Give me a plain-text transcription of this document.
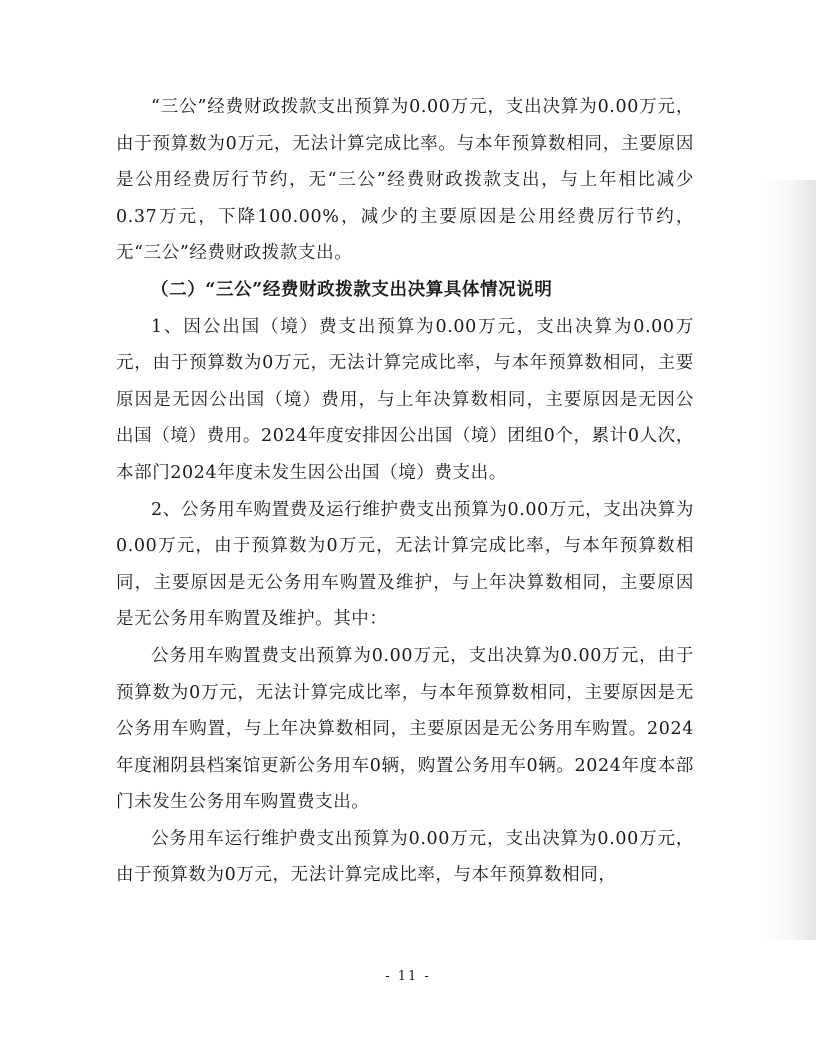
“三公”经费财政拨款支出预算为0.00万元，支出决算为0.00万元，由于预算数为0万元，无法计算完成比率。与本年预算数相同，主要原因是公用经费厉行节约，无“三公”经费财政拨款支出，与上年相比减少0.37万元，下降100.00%，减少的主要原因是公用经费厉行节约，无“三公”经费财政拨款支出。

（二）“三公”经费财政拨款支出决算具体情况说明

1、因公出国（境）费支出预算为0.00万元，支出决算为0.00万元，由于预算数为0万元，无法计算完成比率，与本年预算数相同，主要原因是无因公出国（境）费用，与上年决算数相同，主要原因是无因公出国（境）费用。2024年度安排因公出国（境）团组0个，累计0人次，本部门2024年度未发生因公出国（境）费支出。

2、公务用车购置费及运行维护费支出预算为0.00万元，支出决算为0.00万元，由于预算数为0万元，无法计算完成比率，与本年预算数相同，主要原因是无公务用车购置及维护，与上年决算数相同，主要原因是无公务用车购置及维护。其中：

公务用车购置费支出预算为0.00万元，支出决算为0.00万元，由于预算数为0万元，无法计算完成比率，与本年预算数相同，主要原因是无公务用车购置，与上年决算数相同，主要原因是无公务用车购置。2024年度湘阴县档案馆更新公务用车0辆，购置公务用车0辆。2024年度本部门未发生公务用车购置费支出。

公务用车运行维护费支出预算为0.00万元，支出决算为0.00万元，由于预算数为0万元，无法计算完成比率，与本年预算数相同，

- 11 -
